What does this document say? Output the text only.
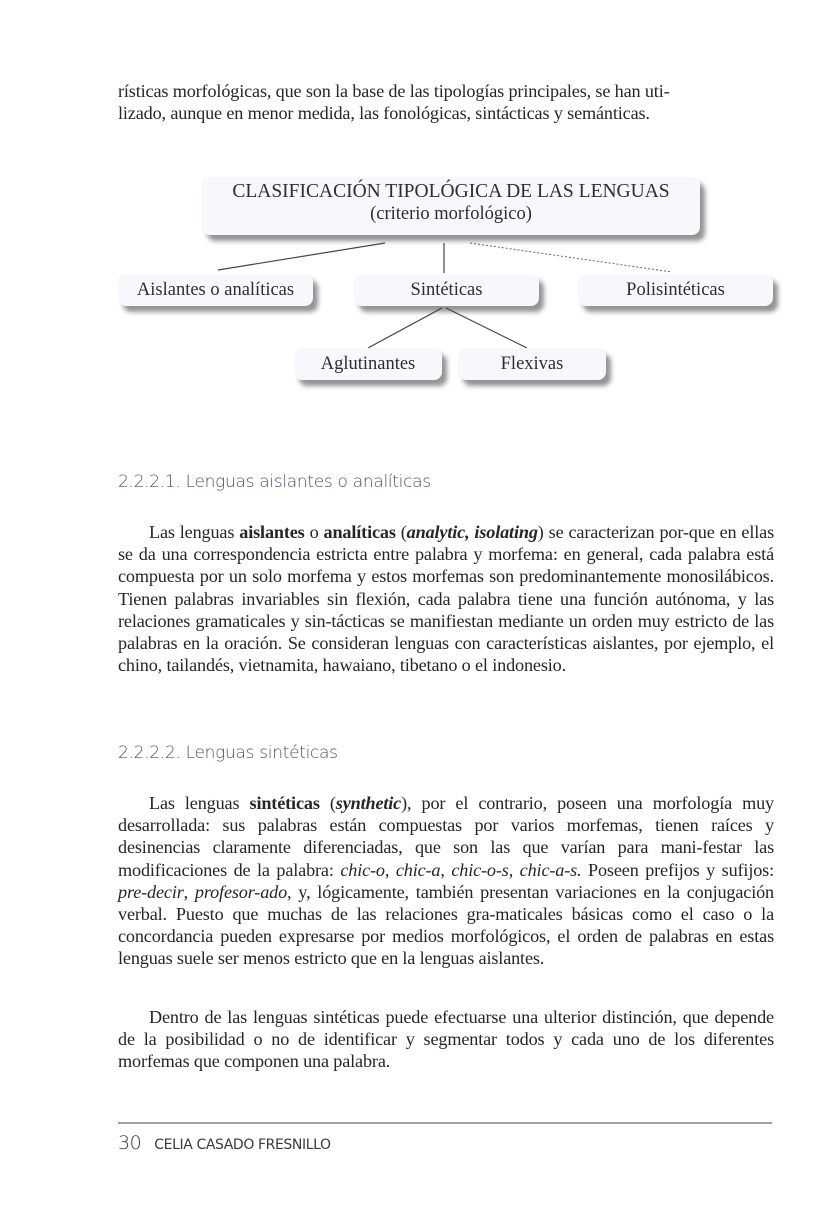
rísticas morfológicas, que son la base de las tipologías principales, se han uti-
lizado, aunque en menor medida, las fonológicas, sintácticas y semánticas.

CLASIFICACIÓN TIPOLÓGICA DE LAS LENGUAS
(criterio morfológico)
Aislantes o analíticas	Sintéticas	Polisintéticas
Aglutinantes	Flexivas
2.2.2.1. Lenguas aislantes o analíticas

Las lenguas aislantes o analíticas (analytic, isolating) se caracterizan por-que en ellas se da una correspondencia estricta entre palabra y morfema: en general, cada palabra está compuesta por un solo morfema y estos morfemas son predominantemente monosilábicos. Tienen palabras invariables sin flexión, cada palabra tiene una función autónoma, y las relaciones gramaticales y sin-tácticas se manifiestan mediante un orden muy estricto de las palabras en la oración. Se consideran lenguas con características aislantes, por ejemplo, el chino, tailandés, vietnamita, hawaiano, tibetano o el indonesio.

2.2.2.2. Lenguas sintéticas

Las lenguas sintéticas (synthetic), por el contrario, poseen una morfología muy desarrollada: sus palabras están compuestas por varios morfemas, tienen raíces y desinencias claramente diferenciadas, que son las que varían para mani-festar las modificaciones de la palabra: chic-o, chic-a, chic-o-s, chic-a-s. Poseen prefijos y sufijos: pre-decir, profesor-ado, y, lógicamente, también presentan variaciones en la conjugación verbal. Puesto que muchas de las relaciones gra-maticales básicas como el caso o la concordancia pueden expresarse por medios morfológicos, el orden de palabras en estas lenguas suele ser menos estricto que en la lenguas aislantes.

Dentro de las lenguas sintéticas puede efectuarse una ulterior distinción, que depende de la posibilidad o no de identificar y segmentar todos y cada uno de los diferentes morfemas que componen una palabra.

30 CELIA CASADO FRESNILLO
